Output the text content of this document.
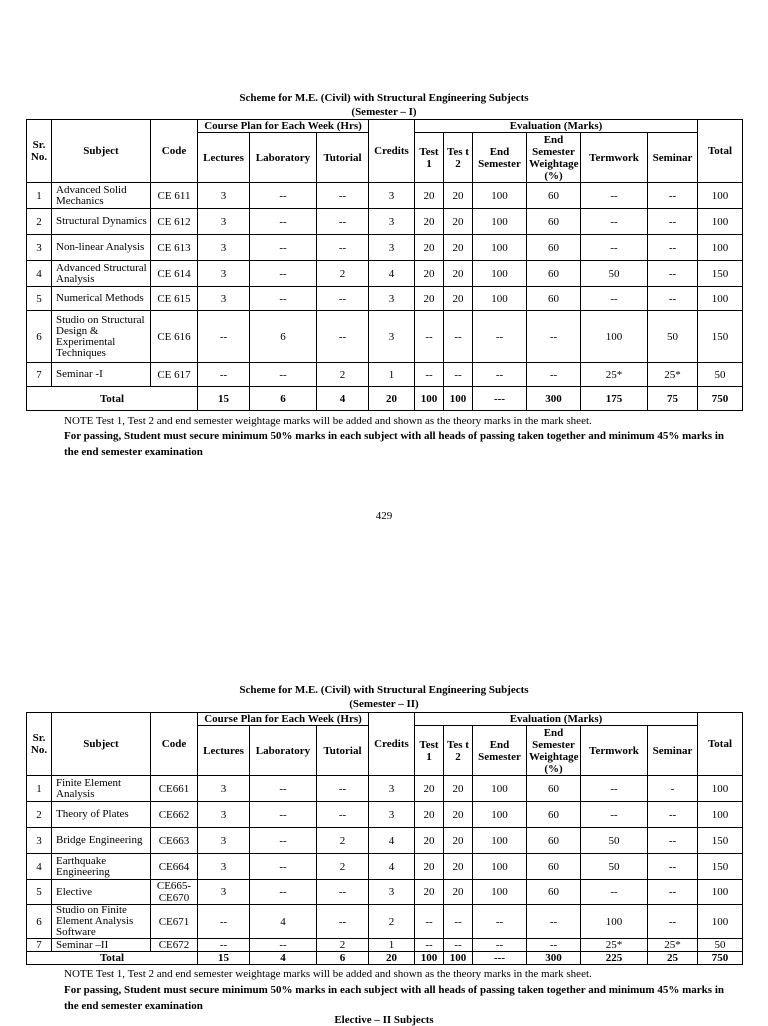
Scheme for M.E. (Civil) with Structural Engineering Subjects
(Semester – I)
Sr. No.	Subject	Code	Course Plan for Each Week (Hrs)			Credits	Evaluation (Marks)						Total
			Lectures	Laboratory	Tutorial		Test 1	Tes t 2	End Semester	End Semester Weightage (%)	Termwork	Seminar	
1	Advanced Solid Mechanics	CE 611	3	--	--	3	20	20	100	60	--	--	100
2	Structural Dynamics	CE 612	3	--	--	3	20	20	100	60	--	--	100
3	Non-linear Analysis	CE 613	3	--	--	3	20	20	100	60	--	--	100
4	Advanced Structural Analysis	CE 614	3	--	2	4	20	20	100	60	50	--	150
5	Numerical Methods	CE 615	3	--	--	3	20	20	100	60	--	--	100
6	Studio on Structural Design & Experimental Techniques	CE 616	--	6	--	3	--	--	--	--	100	50	150
7	Seminar -I	CE 617	--	--	2	1	--	--	--	--	25*	25*	50
Total			15	6	4	20	100	100	---	300	175	75	750
NOTE Test 1, Test 2 and end semester weightage marks will be added and shown as the theory marks in the mark sheet.
For passing, Student must secure minimum 50% marks in each subject with all heads of passing taken together and minimum 45% marks in the end semester examination
429
Scheme for M.E. (Civil) with Structural Engineering Subjects
(Semester – II)
Sr. No.	Subject	Code	Course Plan for Each Week (Hrs)			Credits	Evaluation (Marks)						Total
			Lectures	Laboratory	Tutorial		Test 1	Tes t 2	End Semester	End Semester Weightage (%)	Termwork	Seminar	
1	Finite Element Analysis	CE661	3	--	--	3	20	20	100	60	--	-	100
2	Theory of Plates	CE662	3	--	--	3	20	20	100	60	--	--	100
3	Bridge Engineering	CE663	3	--	2	4	20	20	100	60	50	--	150
4	Earthquake Engineering	CE664	3	--	2	4	20	20	100	60	50	--	150
5	Elective	CE665-CE670	3	--	--	3	20	20	100	60	--	--	100
6	Studio on Finite Element Analysis Software	CE671	--	4	--	2	--	--	--	--	100	--	100
7	Seminar –II	CE672	--	--	2	1	--	--	--	--	25*	25*	50
Total			15	4	6	20	100	100	---	300	225	25	750
NOTE Test 1, Test 2 and end semester weightage marks will be added and shown as the theory marks in the mark sheet.
For passing, Student must secure minimum 50% marks in each subject with all heads of passing taken together and minimum 45% marks in the end semester examination
Elective – II Subjects
